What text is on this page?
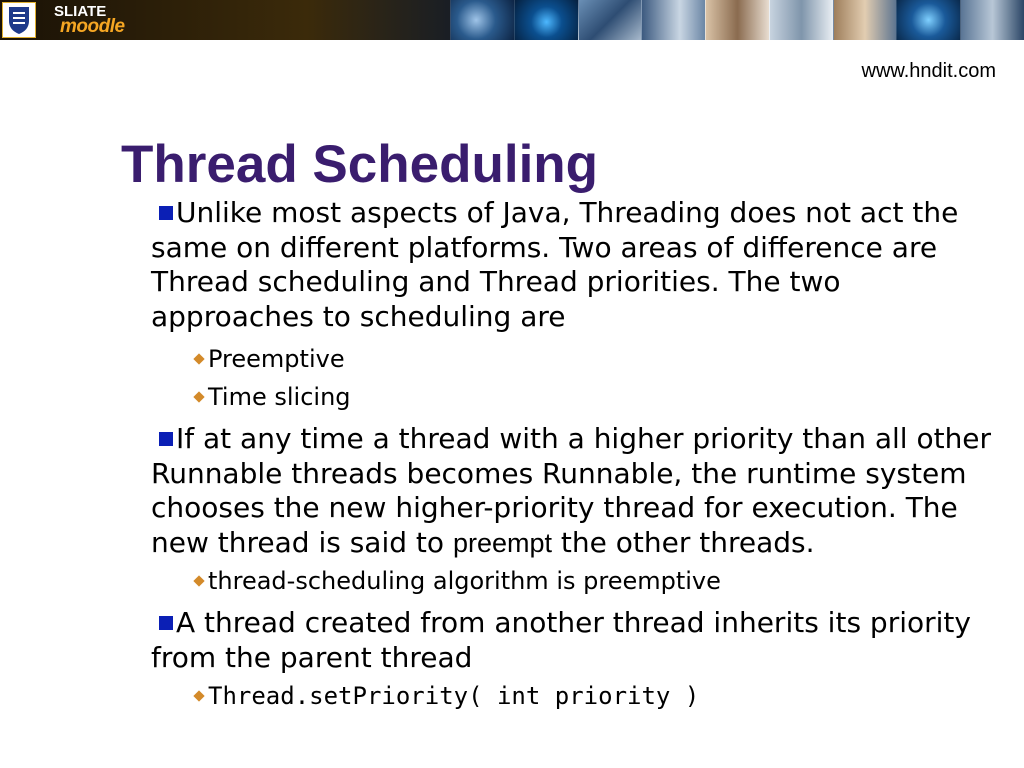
SLIATE
moodle
www.hndit.com
Thread Scheduling

Unlike most aspects of Java, Threading does not act the same on different platforms. Two areas of difference are Thread scheduling and Thread priorities. The two approaches to scheduling are

Preemptive

Time slicing

If at any time a thread with a higher priority than all other Runnable threads becomes Runnable, the runtime system chooses the new higher-priority thread for execution. The new thread is said to preempt the other threads.

thread-scheduling algorithm is preemptive

A thread created from another thread inherits its priority from the parent thread

Thread.setPriority( int priority )
